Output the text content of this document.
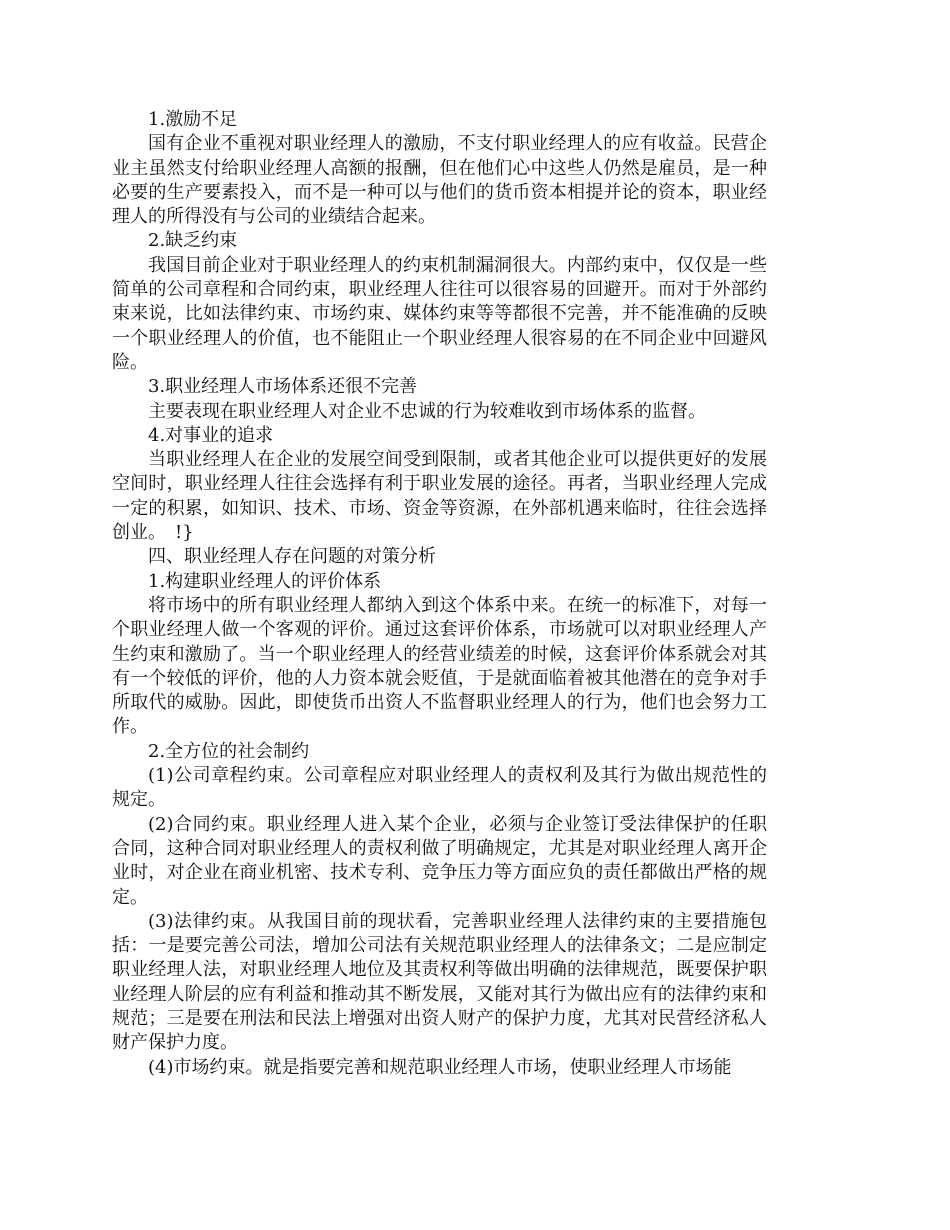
1.激励不足

国有企业不重视对职业经理人的激励，不支付职业经理人的应有收益。民营企业主虽然支付给职业经理人高额的报酬，但在他们心中这些人仍然是雇员，是一种必要的生产要素投入，而不是一种可以与他们的货币资本相提并论的资本，职业经理人的所得没有与公司的业绩结合起来。

2.缺乏约束

我国目前企业对于职业经理人的约束机制漏洞很大。内部约束中，仅仅是一些简单的公司章程和合同约束，职业经理人往往可以很容易的回避开。而对于外部约束来说，比如法律约束、市场约束、媒体约束等等都很不完善，并不能准确的反映一个职业经理人的价值，也不能阻止一个职业经理人很容易的在不同企业中回避风险。

3.职业经理人市场体系还很不完善

主要表现在职业经理人对企业不忠诚的行为较难收到市场体系的监督。

4.对事业的追求

当职业经理人在企业的发展空间受到限制，或者其他企业可以提供更好的发展空间时，职业经理人往往会选择有利于职业发展的途径。再者，当职业经理人完成一定的积累，如知识、技术、市场、资金等资源，在外部机遇来临时，往往会选择创业。　!}

四、职业经理人存在问题的对策分析

1.构建职业经理人的评价体系

将市场中的所有职业经理人都纳入到这个体系中来。在统一的标准下，对每一个职业经理人做一个客观的评价。通过这套评价体系，市场就可以对职业经理人产生约束和激励了。当一个职业经理人的经营业绩差的时候，这套评价体系就会对其有一个较低的评价，他的人力资本就会贬值，于是就面临着被其他潜在的竞争对手所取代的威胁。因此，即使货币出资人不监督职业经理人的行为，他们也会努力工作。

2.全方位的社会制约

(1)公司章程约束。公司章程应对职业经理人的责权利及其行为做出规范性的规定。

(2)合同约束。职业经理人进入某个企业，必须与企业签订受法律保护的任职合同，这种合同对职业经理人的责权利做了明确规定，尤其是对职业经理人离开企业时，对企业在商业机密、技术专利、竞争压力等方面应负的责任都做出严格的规定。

(3)法律约束。从我国目前的现状看，完善职业经理人法律约束的主要措施包括：一是要完善公司法，增加公司法有关规范职业经理人的法律条文；二是应制定职业经理人法，对职业经理人地位及其责权利等做出明确的法律规范，既要保护职业经理人阶层的应有利益和推动其不断发展，又能对其行为做出应有的法律约束和规范；三是要在刑法和民法上增强对出资人财产的保护力度，尤其对民营经济私人财产保护力度。

(4)市场约束。就是指要完善和规范职业经理人市场，使职业经理人市场能
